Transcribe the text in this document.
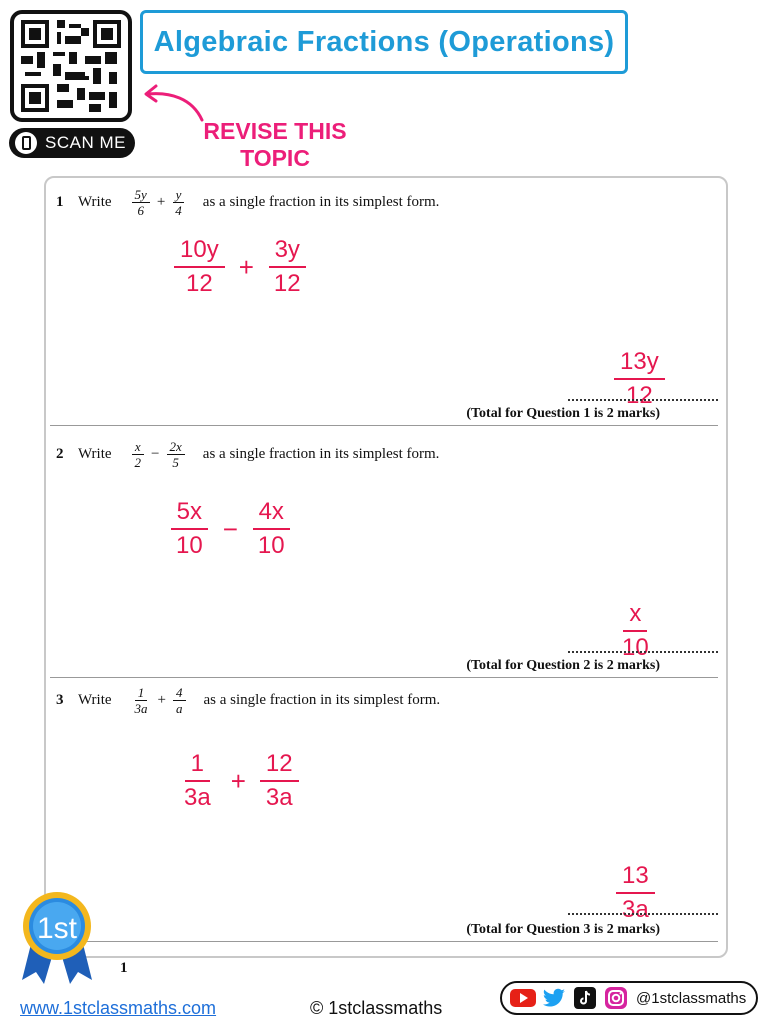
SCAN ME
Algebraic Fractions (Operations)
REVISE THIS
TOPIC
1 Write $\frac{5y}{6} + \frac{y}{4}$ as a single fraction in its simplest form.
10y
12
+ $\frac{3y}{12}$
13y
12
(Total for Question 1 is 2 marks)
2 Write $\frac{x}{2} - \frac{2x}{5}$ as a single fraction in its simplest form.
5x
10
− $\frac{4x}{10}$
x
10
(Total for Question 2 is 2 marks)
3 Write $\frac{1}{3a} + \frac{4}{a}$ as a single fraction in its simplest form.
1
3a
+ $\frac{12}{3a}$
13
3a
(Total for Question 3 is 2 marks)
1
1st
www.1stclassmaths.com	© 1stclassmaths	@1stclassmaths
